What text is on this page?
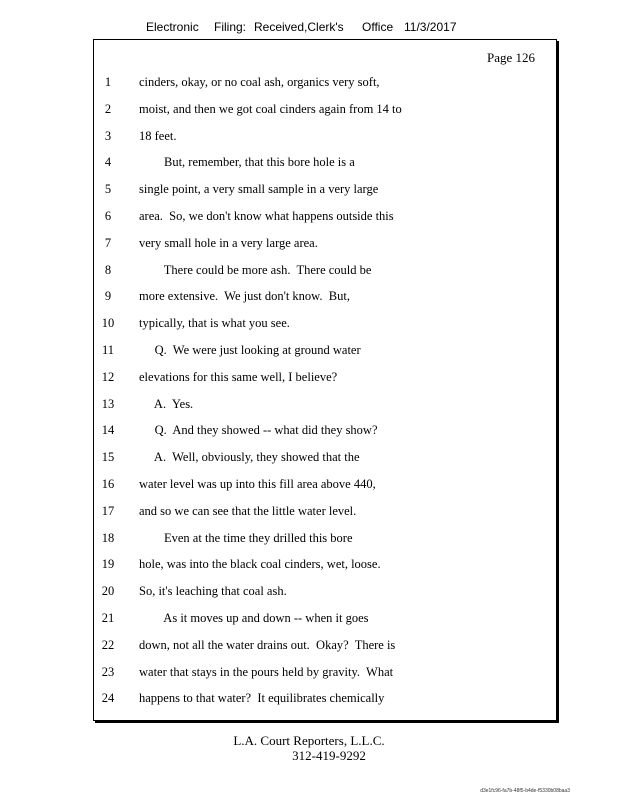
Electronic Filing: Received,Clerk's Office 11/3/2017
Page 126
1	cinders, okay, or no coal ash, organics very soft,
2	moist, and then we got coal cinders again from 14 to
3	18 feet.
4	But, remember, that this bore hole is a
5	single point, a very small sample in a very large
6	area.  So, we don't know what happens outside this
7	very small hole in a very large area.
8	There could be more ash.  There could be
9	more extensive.  We just don't know.  But,
10	typically, that is what you see.
11	Q.  We were just looking at ground water
12	elevations for this same well, I believe?
13	A.  Yes.
14	Q.  And they showed -- what did they show?
15	A.  Well, obviously, they showed that the
16	water level was up into this fill area above 440,
17	and so we can see that the little water level.
18	Even at the time they drilled this bore
19	hole, was into the black coal cinders, wet, loose.
20	So, it's leaching that coal ash.
21	As it moves up and down -- when it goes
22	down, not all the water drains out.  Okay?  There is
23	water that stays in the pours held by gravity.  What
24	happens to that water?  It equilibrates chemically
L.A. Court Reporters, L.L.C.
312-419-9292
d3e1fc96-fa7b-48f5-b4de-f5330b08baa3
